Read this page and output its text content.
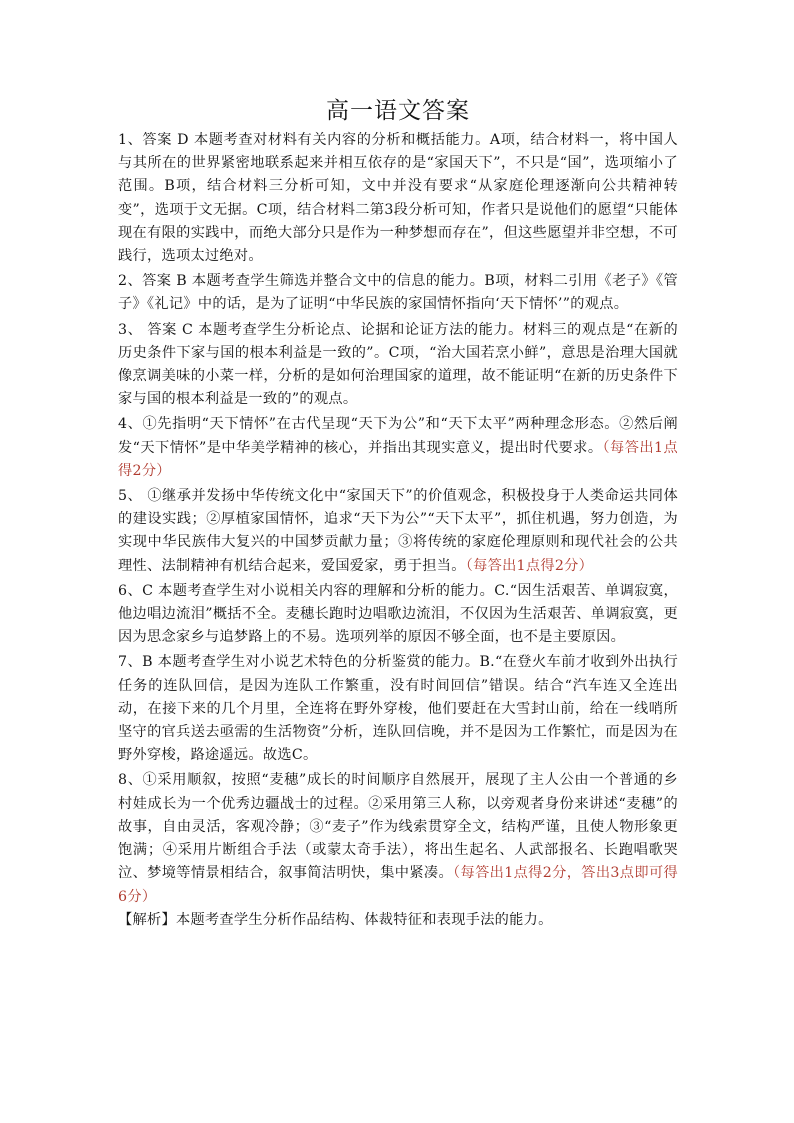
高一语文答案

1、答案 D 本题考查对材料有关内容的分析和概括能力。A项，结合材料一，将中国人与其所在的世界紧密地联系起来并相互依存的是“家国天下”，不只是“国”，选项缩小了范围。B项，结合材料三分析可知，文中并没有要求“从家庭伦理逐渐向公共精神转变”，选项于文无据。C项，结合材料二第3段分析可知，作者只是说他们的愿望“只能体现在有限的实践中，而绝大部分只是作为一种梦想而存在”，但这些愿望并非空想，不可践行，选项太过绝对。

2、答案 B 本题考查学生筛选并整合文中的信息的能力。B项，材料二引用《老子》《管子》《礼记》中的话，是为了证明“中华民族的家国情怀指向‘天下情怀’”的观点。

3、 答案 C 本题考查学生分析论点、论据和论证方法的能力。材料三的观点是“在新的历史条件下家与国的根本利益是一致的”。C项，“治大国若烹小鲜”，意思是治理大国就像烹调美味的小菜一样，分析的是如何治理国家的道理，故不能证明“在新的历史条件下家与国的根本利益是一致的”的观点。

4、①先指明“天下情怀”在古代呈现“天下为公”和“天下太平”两种理念形态。②然后阐发“天下情怀”是中华美学精神的核心，并指出其现实意义，提出时代要求。（每答出1点得2分）

5、 ①继承并发扬中华传统文化中“家国天下”的价值观念，积极投身于人类命运共同体的建设实践；②厚植家国情怀，追求“天下为公”“天下太平”，抓住机遇，努力创造，为实现中华民族伟大复兴的中国梦贡献力量；③将传统的家庭伦理原则和现代社会的公共理性、法制精神有机结合起来，爱国爱家，勇于担当。（每答出1点得2分）

6、C 本题考查学生对小说相关内容的理解和分析的能力。C.“因生活艰苦、单调寂寞，他边唱边流泪”概括不全。麦穗长跑时边唱歌边流泪，不仅因为生活艰苦、单调寂寞，更因为思念家乡与追梦路上的不易。选项列举的原因不够全面，也不是主要原因。

7、B 本题考查学生对小说艺术特色的分析鉴赏的能力。B.“在登火车前才收到外出执行任务的连队回信，是因为连队工作繁重，没有时间回信”错误。结合“汽车连又全连出动，在接下来的几个月里，全连将在野外穿梭，他们要赶在大雪封山前，给在一线哨所坚守的官兵送去亟需的生活物资”分析，连队回信晚，并不是因为工作繁忙，而是因为在野外穿梭，路途遥远。故选C。

8、①采用顺叙，按照“麦穗”成长的时间顺序自然展开，展现了主人公由一个普通的乡村娃成长为一个优秀边疆战士的过程。②采用第三人称，以旁观者身份来讲述“麦穗”的故事，自由灵活，客观冷静；③“麦子”作为线索贯穿全文，结构严谨，且使人物形象更饱满；④采用片断组合手法（或蒙太奇手法），将出生起名、人武部报名、长跑唱歌哭泣、梦境等情景相结合，叙事简洁明快，集中紧凑。（每答出1点得2分，答出3点即可得6分）

【解析】本题考查学生分析作品结构、体裁特征和表现手法的能力。
